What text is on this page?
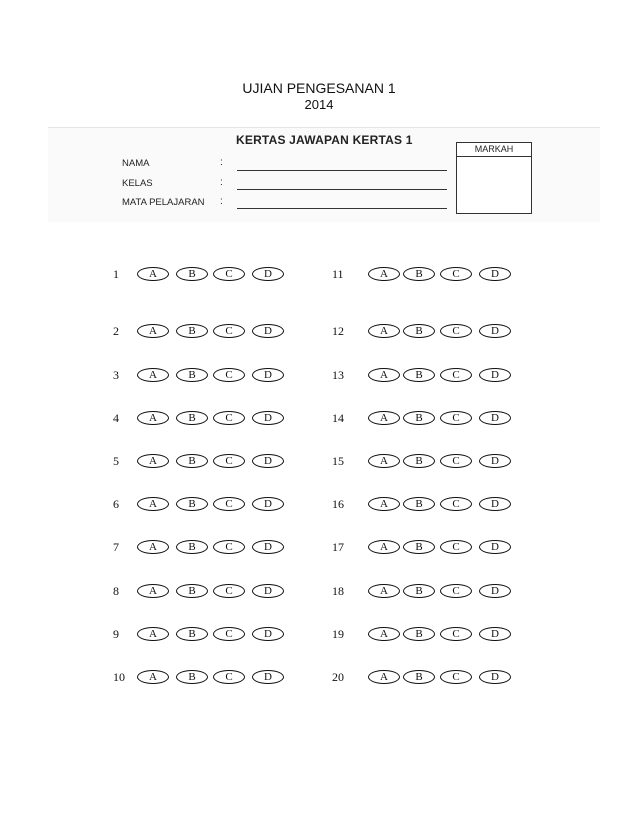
UJIAN PENGESANAN 1
2014
KERTAS JAWAPAN KERTAS 1
NAMA	:
KELAS	:
MATA PELAJARAN :
MARKAH
1	A	B	C	D
2	A	B	C	D
3	A	B	C	D
4	A	B	C	D
5	A	B	C	D
6	A	B	C	D
7	A	B	C	D
8	A	B	C	D
9	A	B	C	D
10	A	B	C	D
11	A	B	C	D
12	A	B	C	D
13	A	B	C	D
14	A	B	C	D
15	A	B	C	D
16	A	B	C	D
17	A	B	C	D
18	A	B	C	D
19	A	B	C	D
20	A	B	C	D
